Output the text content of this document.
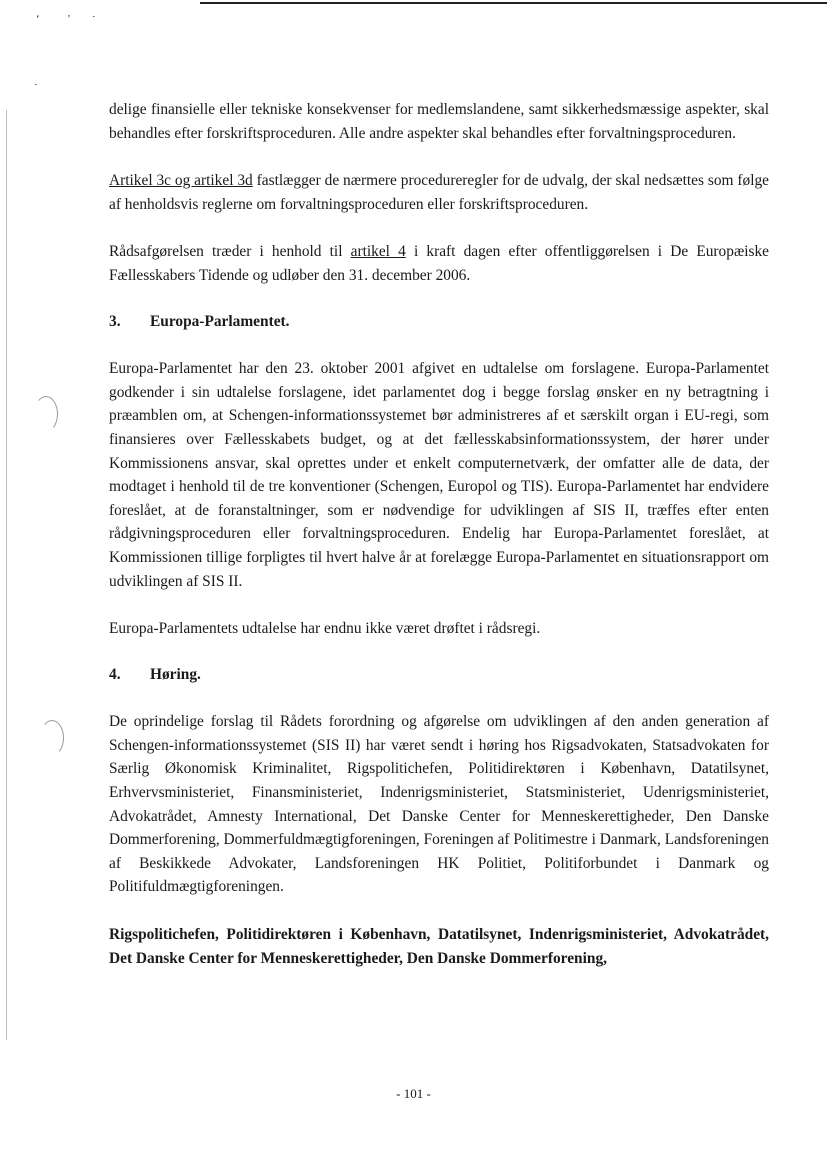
‘	' ·
·

delige finansielle eller tekniske konsekvenser for medlemslandene, samt sikkerhedsmæssige aspekter, skal behandles efter forskriftsproceduren. Alle andre aspekter skal behandles efter forvaltningsproceduren.

Artikel 3c og artikel 3d fastlægger de nærmere procedureregler for de udvalg, der skal nedsættes som følge af henholdsvis reglerne om forvaltningsproceduren eller forskriftsproceduren.

Rådsafgørelsen træder i henhold til artikel 4 i kraft dagen efter offentliggørelsen i De Europæiske Fællesskabers Tidende og udløber den 31. december 2006.

3. Europa-Parlamentet.

Europa-Parlamentet har den 23. oktober 2001 afgivet en udtalelse om forslagene. Europa-Parlamentet godkender i sin udtalelse forslagene, idet parlamentet dog i begge forslag ønsker en ny betragtning i præamblen om, at Schengen-informationssystemet bør administreres af et særskilt organ i EU-regi, som finansieres over Fællesskabets budget, og at det fællesskabsinformationssystem, der hører under Kommissionens ansvar, skal oprettes under et enkelt computernetværk, der omfatter alle de data, der modtaget i henhold til de tre konventioner (Schengen, Europol og TIS). Europa-Parlamentet har endvidere foreslået, at de foranstaltninger, som er nødvendige for udviklingen af SIS II, træffes efter enten rådgivningsproceduren eller forvaltningsproceduren. Endelig har Europa-Parlamentet foreslået, at Kommissionen tillige forpligtes til hvert halve år at forelægge Europa-Parlamentet en situationsrapport om udviklingen af SIS II.

Europa-Parlamentets udtalelse har endnu ikke været drøftet i rådsregi.

4. Høring.

De oprindelige forslag til Rådets forordning og afgørelse om udviklingen af den anden generation af Schengen-informationssystemet (SIS II) har været sendt i høring hos Rigsadvokaten, Statsadvokaten for Særlig Økonomisk Kriminalitet, Rigspolitichefen, Politidirektøren i København, Datatilsynet, Erhvervsministeriet, Finansministeriet, Indenrigsministeriet, Statsministeriet, Udenrigsministeriet, Advokatrådet, Amnesty International, Det Danske Center for Menneskerettigheder, Den Danske Dommerforening, Dommerfuldmægtigforeningen, Foreningen af Politimestre i Danmark, Landsforeningen af Beskikkede Advokater, Landsforeningen HK Politiet, Politiforbundet i Danmark og Politifuldmægtigforeningen.

Rigspolitichefen, Politidirektøren i København, Datatilsynet, Indenrigsministeriet, Advokatrådet, Det Danske Center for Menneskerettigheder, Den Danske Dommerforening,

- 101 -
